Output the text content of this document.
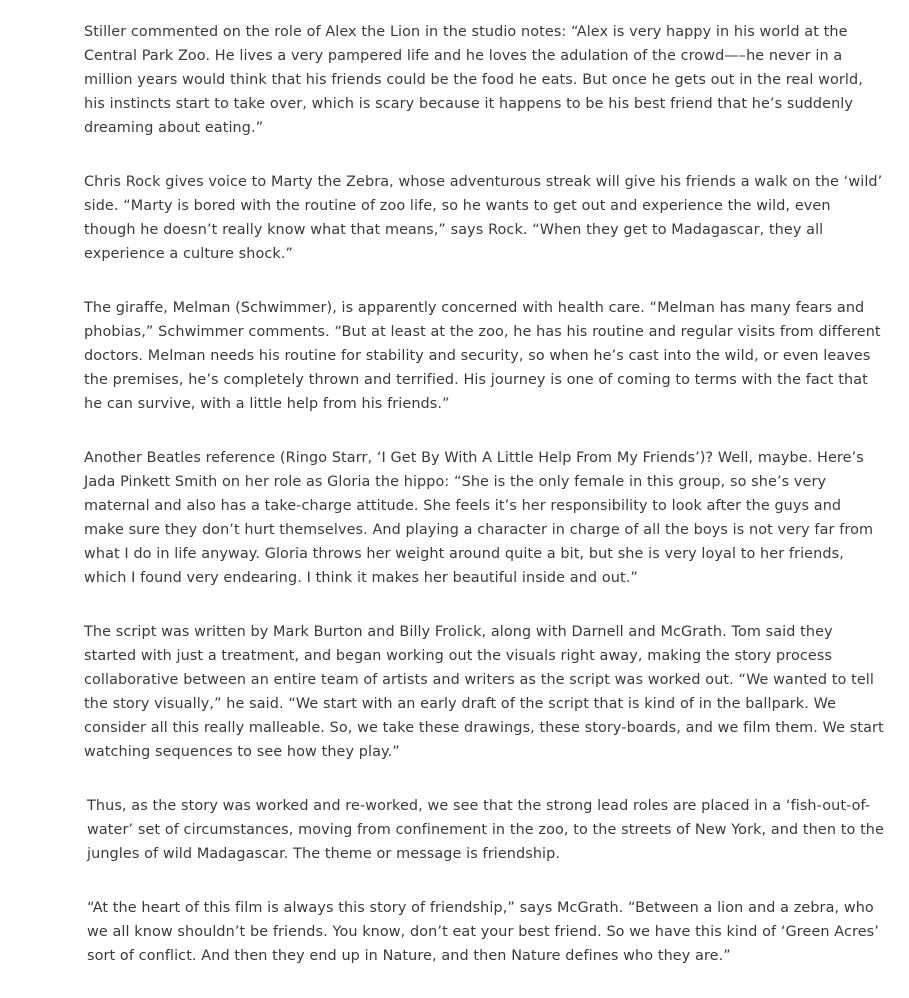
Stiller commented on the role of Alex the Lion in the studio notes: “Alex is very happy in his world at the Central Park Zoo. He lives a very pampered life and he loves the adulation of the crowd—–he never in a million years would think that his friends could be the food he eats. But once he gets out in the real world, his instincts start to take over, which is scary because it happens to be his best friend that he’s suddenly dreaming about eating.”

Chris Rock gives voice to Marty the Zebra, whose adventurous streak will give his friends a walk on the ‘wild’ side. “Marty is bored with the routine of zoo life, so he wants to get out and experience the wild, even though he doesn’t really know what that means,” says Rock. “When they get to Madagascar, they all experience a culture shock.”

The giraffe, Melman (Schwimmer), is apparently concerned with health care. “Melman has many fears and phobias,” Schwimmer comments. “But at least at the zoo, he has his routine and regular visits from different doctors. Melman needs his routine for stability and security, so when he’s cast into the wild, or even leaves the premises, he’s completely thrown and terrified. His journey is one of coming to terms with the fact that he can survive, with a little help from his friends.”

Another Beatles reference (Ringo Starr, ‘I Get By With A Little Help From My Friends’)? Well, maybe. Here’s Jada Pinkett Smith on her role as Gloria the hippo: “She is the only female in this group, so she’s very maternal and also has a take-charge attitude. She feels it’s her responsibility to look after the guys and make sure they don’t hurt themselves. And playing a character in charge of all the boys is not very far from what I do in life anyway. Gloria throws her weight around quite a bit, but she is very loyal to her friends, which I found very endearing. I think it makes her beautiful inside and out.”

The script was written by Mark Burton and Billy Frolick, along with Darnell and McGrath. Tom said they started with just a treatment, and began working out the visuals right away, making the story process collaborative between an entire team of artists and writers as the script was worked out. “We wanted to tell the story visually,” he said. “We start with an early draft of the script that is kind of in the ballpark. We consider all this really malleable. So, we take these drawings, these story-boards, and we film them. We start watching sequences to see how they play.”

Thus, as the story was worked and re-worked, we see that the strong lead roles are placed in a ‘fish-out-of-water’ set of circumstances, moving from confinement in the zoo, to the streets of New York, and then to the jungles of wild Madagascar. The theme or message is friendship.

“At the heart of this film is always this story of friendship,” says McGrath. “Between a lion and a zebra, who we all know shouldn’t be friends. You know, don’t eat your best friend. So we have this kind of ‘Green Acres’ sort of conflict. And then they end up in Nature, and then Nature defines who they are.”
